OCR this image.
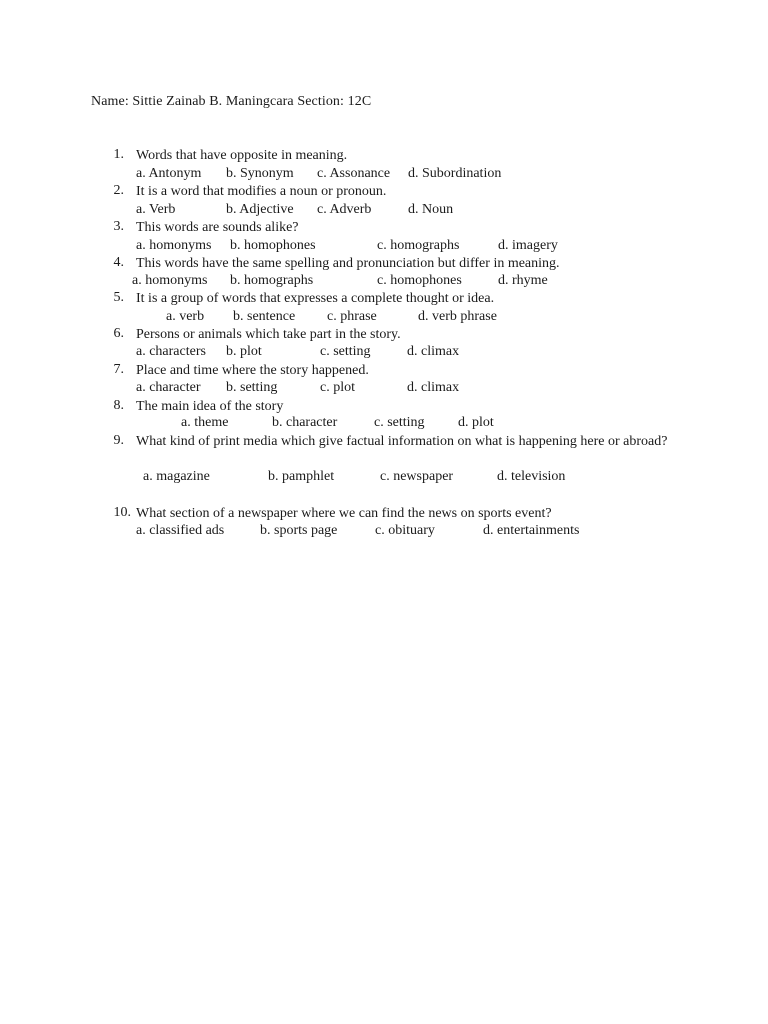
Name: Sittie Zainab B. Maningcara Section: 12C
1. Words that have opposite in meaning.
a. Antonym b. Synonym c. Assonance d. Subordination
2. It is a word that modifies a noun or pronoun.
a. Verb	b. Adjective c. Adverb	d. Noun
3. This words are sounds alike?
a. homonyms b. homophones	c. homographs	d. imagery
4. This words have the same spelling and pronunciation but differ in meaning.
a. homonyms b. homographs	c. homophones	d. rhyme
5. It is a group of words that expresses a complete thought or idea.
a. verb b. sentence c. phrase	d. verb phrase
6. Persons or animals which take part in the story.
a. characters b. plot	c. setting	d. climax
7. Place and time where the story happened.
a. character b. setting	c. plot	d. climax
8. The main idea of the story
a. theme	b. character	c. setting d. plot
9. What kind of print media which give factual information on what is happening here or abroad?
a. magazine	b. pamphlet	c. newspaper	d. television
10. What section of a newspaper where we can find the news on sports event?
a. classified ads	b. sports page	c. obituary	d. entertainments
